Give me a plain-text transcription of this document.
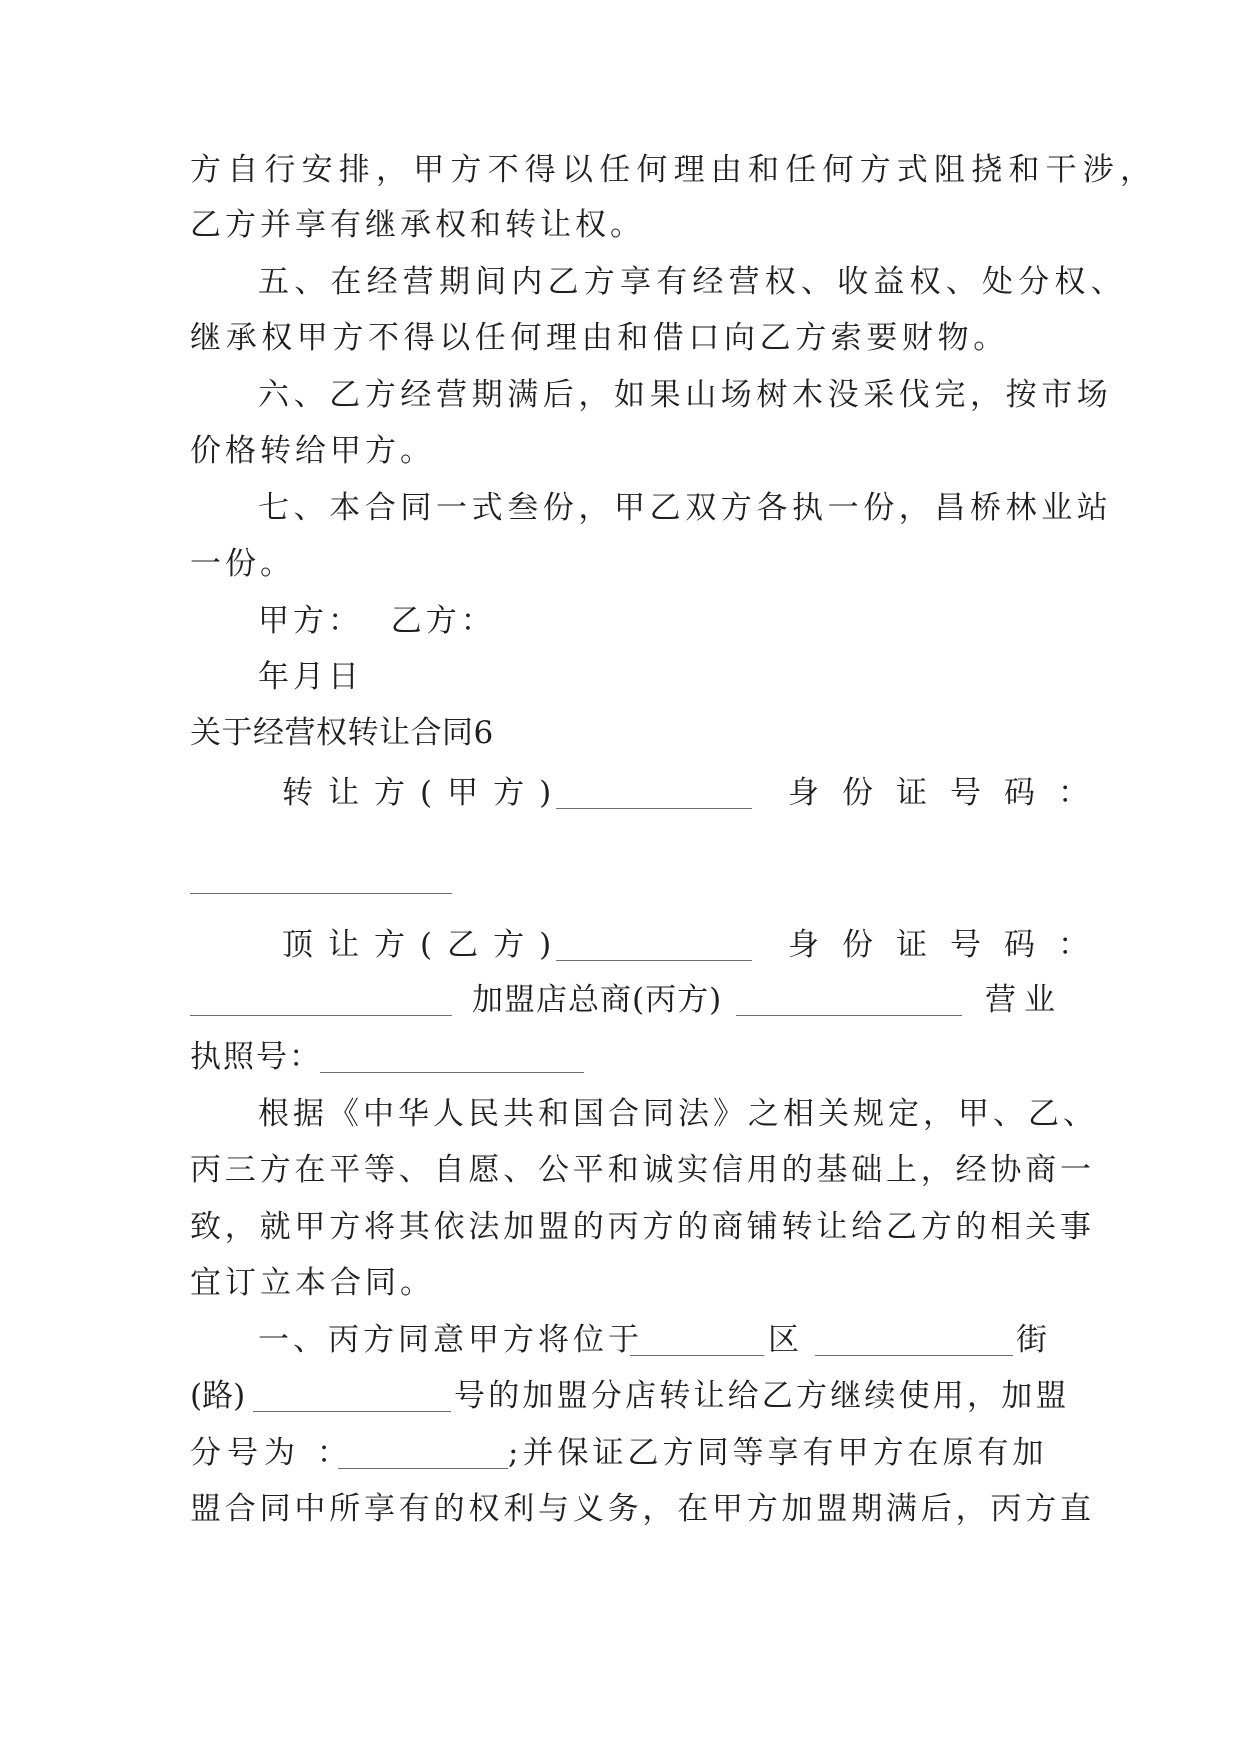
方自行安排，甲方不得以任何理由和任何方式阻挠和干涉，
乙方并享有继承权和转让权。
五、在经营期间内乙方享有经营权、收益权、处分权、
继承权甲方不得以任何理由和借口向乙方索要财物。
六、乙方经营期满后，如果山场树木没采伐完，按市场
价格转给甲方。
七、本合同一式叁份，甲乙双方各执一份，昌桥林业站
一份。
甲方：  乙方：
年月日
关于经营权转让合同6
转让方(甲方)	身份证号码：
顶让方(乙方)	身份证号码：
加盟店总商(丙方)	营业
执照号：
根据《中华人民共和国合同法》之相关规定，甲、乙、
丙三方在平等、自愿、公平和诚实信用的基础上，经协商一
致，就甲方将其依法加盟的丙方的商铺转让给乙方的相关事
宜订立本合同。
一、丙方同意甲方将位于	区	街
(路)	号的加盟分店转让给乙方继续使用，加盟
分号为 ：	;并保证乙方同等享有甲方在原有加
盟合同中所享有的权利与义务，在甲方加盟期满后，丙方直
